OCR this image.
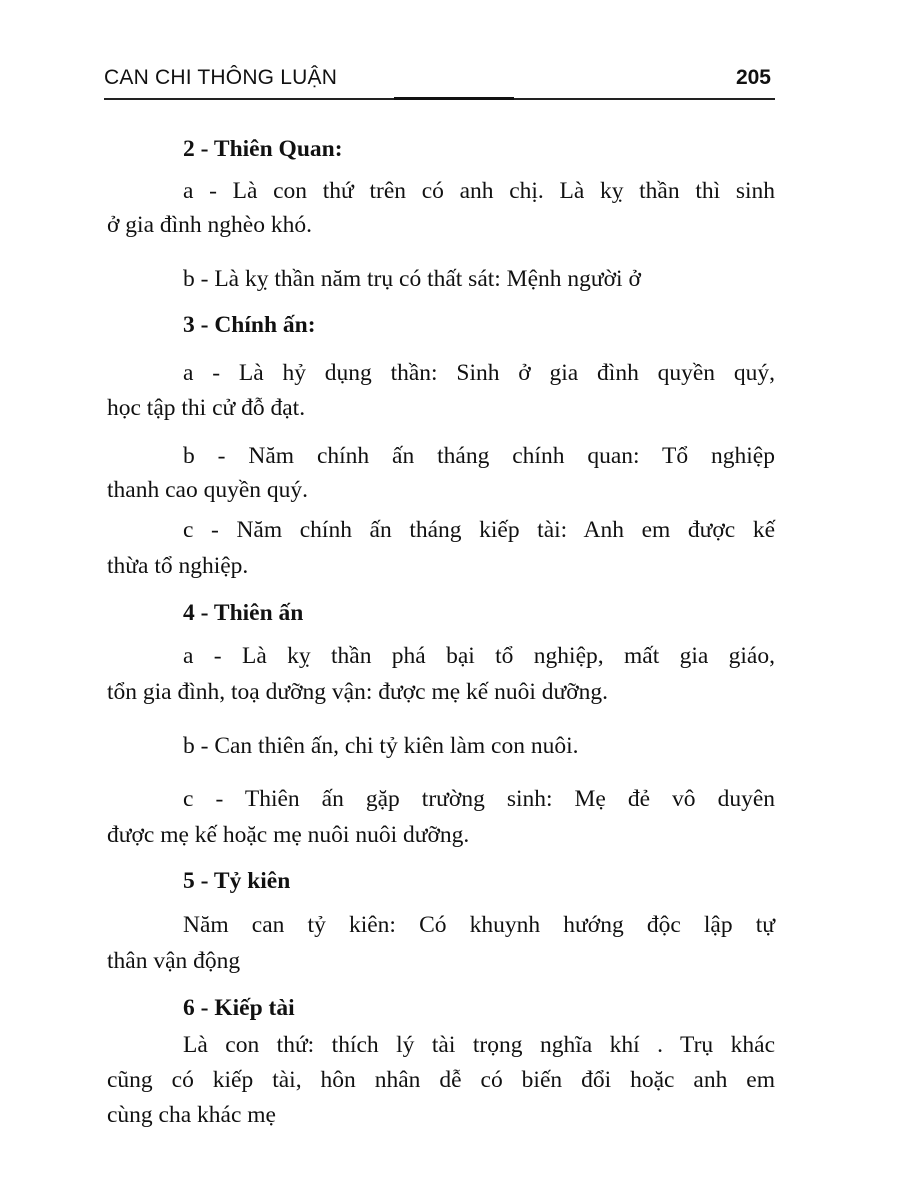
CAN CHI THÔNG LUẬN	205
2 - Thiên Quan:
a - Là con thứ trên có anh chị. Là kỵ thần thì sinh
ở gia đình nghèo khó.
b - Là kỵ thần năm trụ có thất sát: Mệnh người ở
3 - Chính ấn:
a - Là hỷ dụng thần: Sinh ở gia đình quyền quý,
học tập thi cử đỗ đạt.
b - Năm chính ấn tháng chính quan: Tổ nghiệp
thanh cao quyền quý.
c - Năm chính ấn tháng kiếp tài: Anh em được kế
thừa tổ nghiệp.
4 - Thiên ấn
a - Là kỵ thần phá bại tổ nghiệp, mất gia giáo,
tổn gia đình, toạ dưỡng vận: được mẹ kế nuôi dưỡng.
b - Can thiên ấn, chi tỷ kiên làm con nuôi.
c - Thiên ấn gặp trường sinh: Mẹ đẻ vô duyên
được mẹ kế hoặc mẹ nuôi nuôi dưỡng.
5 - Tỷ kiên
Năm can tỷ kiên: Có khuynh hướng độc lập tự
thân vận động
6 - Kiếp tài
Là con thứ: thích lý tài trọng nghĩa khí . Trụ khác
cũng có kiếp tài, hôn nhân dễ có biến đổi hoặc anh em
cùng cha khác mẹ
